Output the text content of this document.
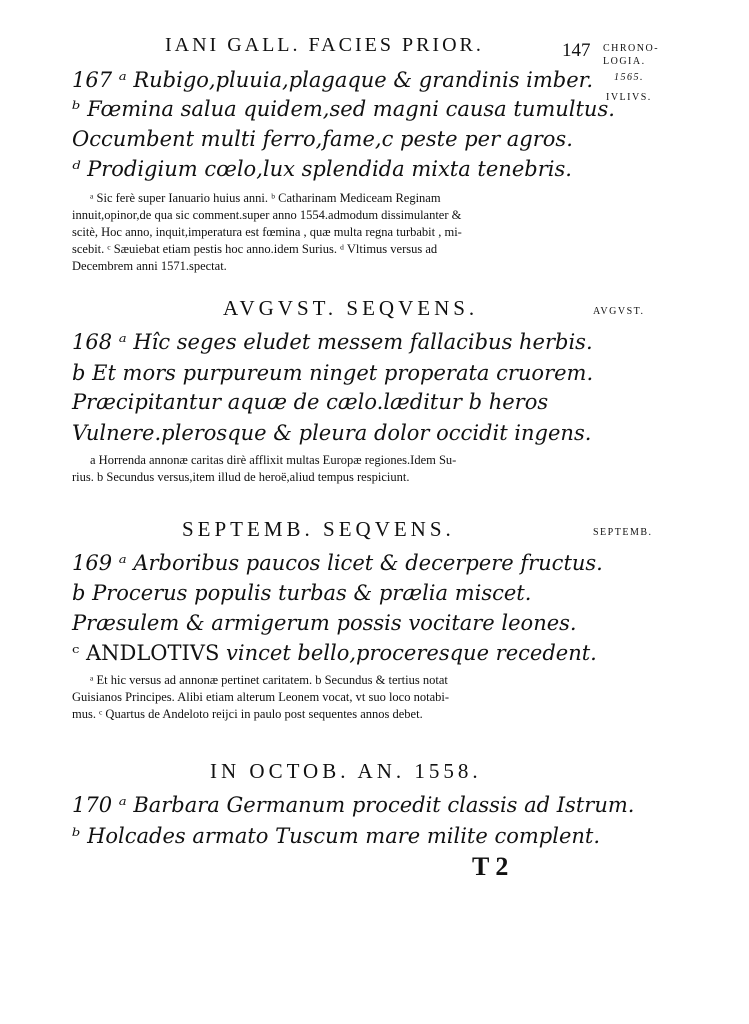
IANI GALL. FACIES PRIOR.	147 CHRONO-LOGIA.
1565.
IVLIVS.
AVGVST.
SEPTEMB.
167 ᵃ Rubigo,pluuia,plagaque & grandinis imber.
ᵇ Fœmina salua quidem,sed magni causa tumultus.
Occumbent multi ferro,fame,c peste per agros.
ᵈ Prodigium cœlo,lux splendida mixta tenebris.
ᵃ Sic ferè super Ianuario huius anni. ᵇ Catharinam Mediceam Reginam
innuit,opinor,de qua sic comment.super anno 1554.admodum dissimulanter &
scitè, Hoc anno, inquit,imperatura est fœmina , quæ multa regna turbabit , mi-
scebit. ᶜ Sæuiebat etiam pestis hoc anno.idem Surius. ᵈ Vltimus versus ad
Decembrem anni 1571.spectat.
AVGVST. SEQVENS.
168 ᵃ Hîc seges eludet messem fallacibus herbis.
b Et mors purpureum ninget properata cruorem.
Præcipitantur aquæ de cælo.læditur b heros
Vulnere.plerosque & pleura dolor occidit ingens.
a Horrenda annonæ caritas dirè afflixit multas Europæ regiones.Idem Su-
rius. b Secundus versus,item illud de heroë,aliud tempus respiciunt.
SEPTEMB. SEQVENS.
169 ᵃ Arboribus paucos licet & decerpere fructus.
b Procerus populis turbas & prælia miscet.
Præsulem & armigerum possis vocitare leones.
ᶜ ANDLOTIVS vincet bello,proceresque recedent.
ᵃ Et hic versus ad annonæ pertinet caritatem. b Secundus & tertius notat
Guisianos Principes. Alibi etiam alterum Leonem vocat, vt suo loco notabi-
mus. ᶜ Quartus de Andeloto reijci in paulo post sequentes annos debet.
IN OCTOB. AN. 1558.
170 ᵃ Barbara Germanum procedit classis ad Istrum.
ᵇ Holcades armato Tuscum mare milite complent.
T 2
